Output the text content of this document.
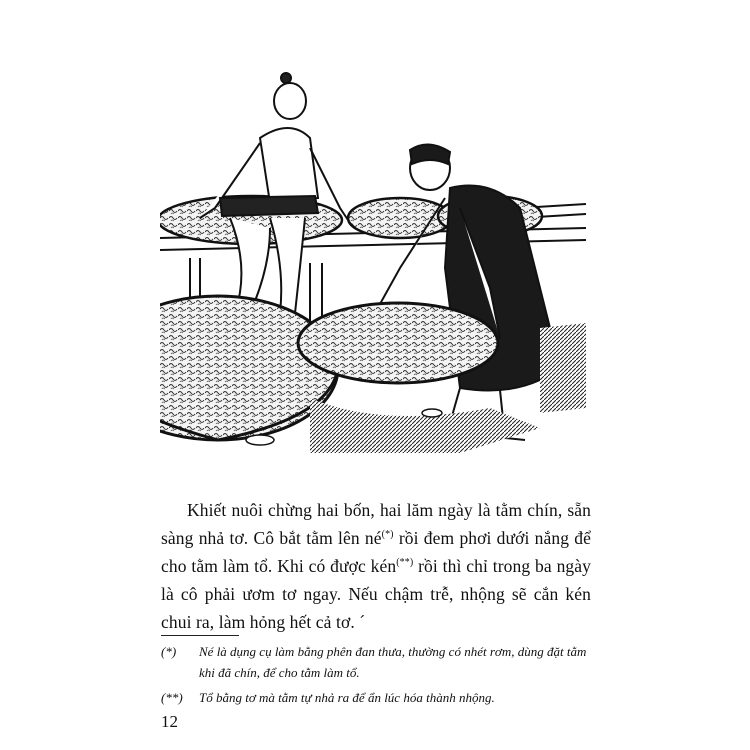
Khiết nuôi chừng hai bốn, hai lăm ngày là tằm chín, sẵn sàng nhả tơ. Cô bắt tằm lên né(*) rồi đem phơi dưới nắng để cho tằm làm tổ. Khi có được kén(**) rồi thì chỉ trong ba ngày là cô phải ươm tơ ngay. Nếu chậm trễ, nhộng sẽ cắn kén chui ra, làm hỏng hết cả tơ. ´

(*)	Né là dụng cụ làm bằng phên đan thưa, thường có nhét rơm, dùng đặt tằm khi đã chín, để cho tằm làm tổ.
(**)	Tổ bằng tơ mà tằm tự nhả ra để ẩn lúc hóa thành nhộng.
12
